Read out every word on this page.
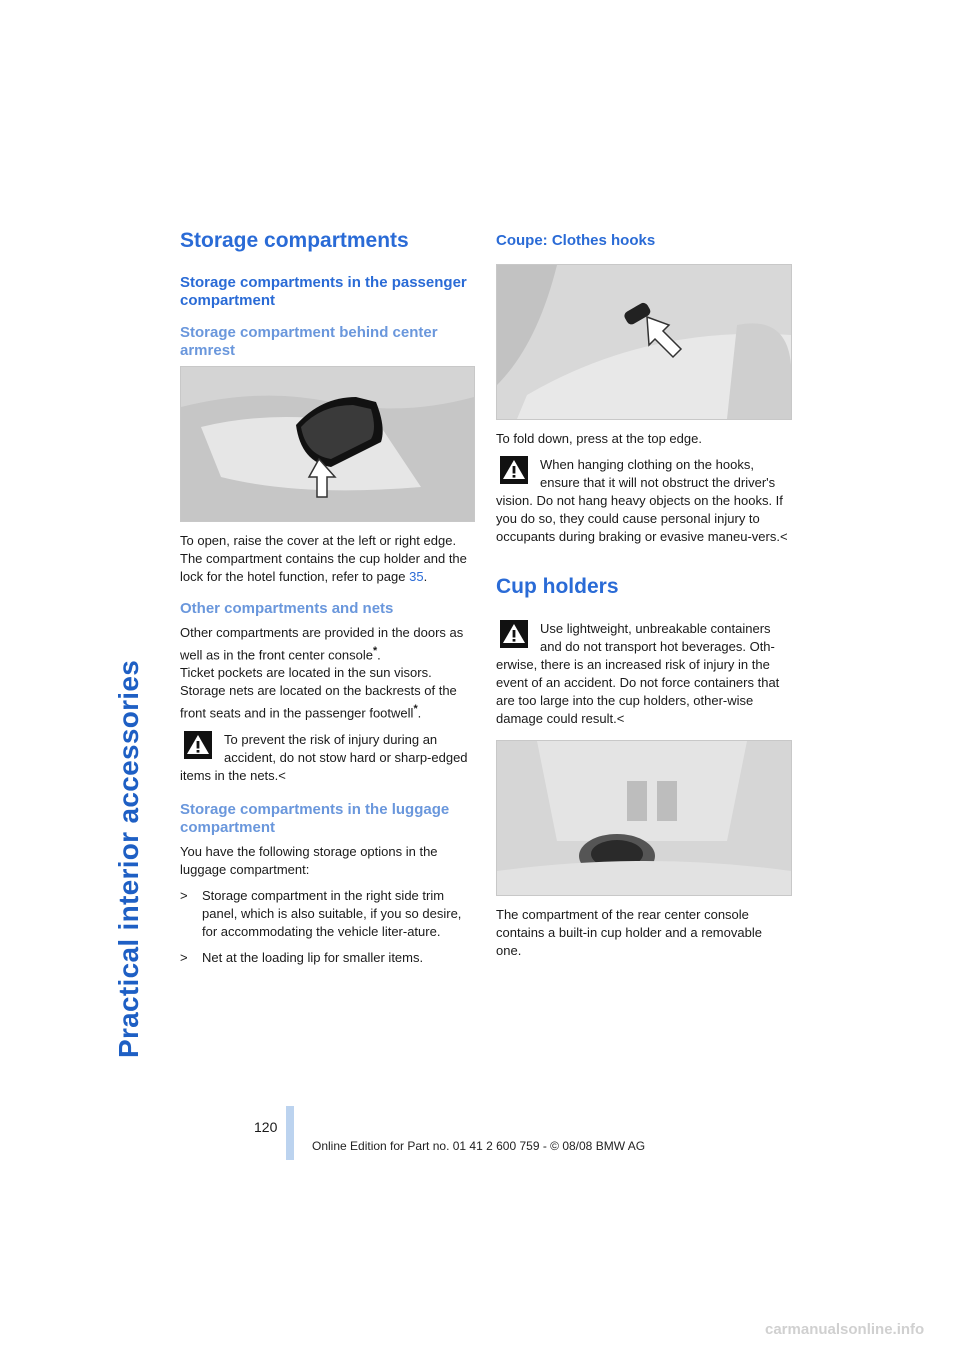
Practical interior accessories
Storage compartments
Storage compartments in the passenger compartment
Storage compartment behind center armrest

To open, raise the cover at the left or right edge. The compartment contains the cup holder and the lock for the hotel function, refer to page 35.

Other compartments and nets

Other compartments are provided in the doors as well as in the front center console*.

Ticket pockets are located in the sun visors.

Storage nets are located on the backrests of the front seats and in the passenger footwell*.

To prevent the risk of injury during an accident, do not stow hard or sharp-edged items in the nets.<
Storage compartments in the luggage compartment

You have the following storage options in the luggage compartment:

>	Storage compartment in the right side trim panel, which is also suitable, if you so desire, for accommodating the vehicle liter-ature.
>	Net at the loading lip for smaller items.
Coupe: Clothes hooks

To fold down, press at the top edge.

When hanging clothing on the hooks, ensure that it will not obstruct the driver's vision. Do not hang heavy objects on the hooks. If you do so, they could cause personal injury to occupants during braking or evasive maneu-vers.<
Cup holders
Use lightweight, unbreakable containers and do not transport hot beverages. Oth-erwise, there is an increased risk of injury in the event of an accident. Do not force containers that are too large into the cup holders, other-wise damage could result.<

The compartment of the rear center console contains a built-in cup holder and a removable one.

120
Online Edition for Part no. 01 41 2 600 759 - © 08/08 BMW AG
carmanualsonline.info
